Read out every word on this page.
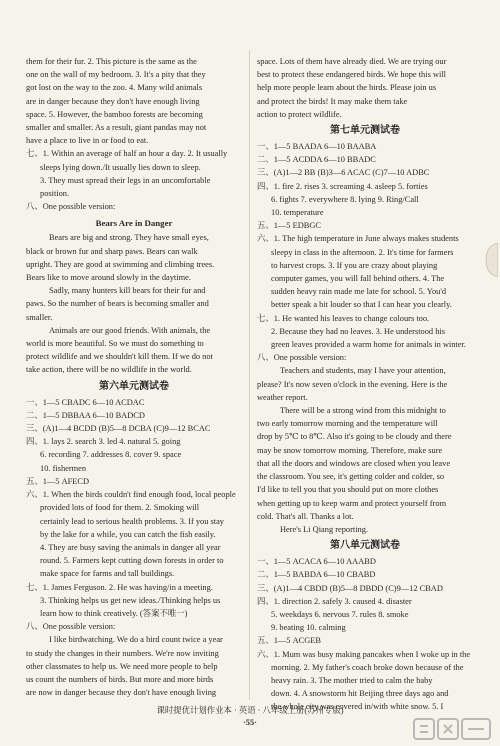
them for their fur. 2. This picture is the same as the
one on the wall of my bedroom. 3. It's a pity that they
got lost on the way to the zoo. 4. Many wild animals
are in danger because they don't have enough living
space. 5. However, the bamboo forests are becoming
smaller and smaller. As a result, giant pandas may not
have a place to live in or food to eat.
七、1. Within an average of half an hour a day. 2. It usually
sleeps lying down./It usually lies down to sleep.
3. They must spread their legs in an uncomfortable
position.
八、One possible version:
Bears Are in Danger
Bears are big and strong. They have small eyes,
black or brown fur and sharp paws. Bears can walk
upright. They are good at swimming and climbing trees.
Bears like to move around slowly in the daytime.
Sadly, many hunters kill bears for their fur and
paws. So the number of bears is becoming smaller and
smaller.
Animals are our good friends. With animals, the
world is more beautiful. So we must do something to
protect wildlife and we shouldn't kill them. If we do not
take action, there will be no wildlife in the world.
第六单元测试卷
一、1—5 CBADC 6—10 ACDAC
二、1—5 DBBAA 6—10 BADCD
三、(A)1—4 BCDD (B)5—8 DCBA (C)9—12 BCAC
四、1. lays 2. search 3. led 4. natural 5. going
6. recording 7. addresses 8. cover 9. space
10. fishermen
五、1—5 AFECD
六、1. When the birds couldn't find enough food, local people
provided lots of food for them. 2. Smoking will
certainly lead to serious health problems. 3. If you stay
by the lake for a while, you can catch the fish easily.
4. They are busy saving the animals in danger all year
round. 5. Farmers kept cutting down forests in order to
make space for farms and tall buildings.
七、1. James Ferguson. 2. He was having/in a meeting.
3. Thinking helps us get new ideas./Thinking helps us
learn how to think creatively. (答案不唯一)
八、One possible version:
I like birdwatching. We do a bird count twice a year
to study the changes in their numbers. We're now inviting
other classmates to help us. We need more people to help
us count the numbers of birds. But more and more birds
are now in danger because they don't have enough living
space. Lots of them have already died. We are trying our
best to protect these endangered birds. We hope this will
help more people learn about the birds. Please join us
and protect the birds! It may make them take
action to protect wildlife.
第七单元测试卷
一、1—5 BAADA 6—10 BAABA
二、1—5 ACDDA 6—10 BBADC
三、(A)1—2 BB (B)3—6 ACAC (C)7—10 ADBC
四、1. fire 2. rises 3. screaming 4. asleep 5. forties
6. fights 7. everywhere 8. lying 9. Ring/Call
10. temperature
五、1—5 EDBGC
六、1. The high temperature in June always makes students
sleepy in class in the afternoon. 2. It's time for farmers
to harvest crops. 3. If you are crazy about playing
computer games, you will fall behind others. 4. The
sudden heavy rain made me late for school. 5. You'd
better speak a bit louder so that I can hear you clearly.
七、1. He wanted his leaves to change colours too.
2. Because they had no leaves. 3. He understood his
green leaves provided a warm home for animals in winter.
八、One possible version:
Teachers and students, may I have your attention,
please? It's now seven o'clock in the evening. Here is the
weather report.
There will be a strong wind from this midnight to
two early tomorrow morning and the temperature will
drop by 5℃ to 8℃. Also it's going to be cloudy and there
may be snow tomorrow morning. Therefore, make sure
that all the doors and windows are closed when you leave
the classroom. You see, it's getting colder and colder, so
I'd like to tell you that you should put on more clothes
when getting up to keep warm and protect yourself from
cold. That's all. Thanks a lot.
Here's Li Qiang reporting.
第八单元测试卷
一、1—5 ACACA 6—10 AAABD
二、1—5 BABDA 6—10 CBABD
三、(A)1—4 CBDD (B)5—8 DBDD (C)9—12 CBAD
四、1. direction 2. safely 3. caused 4. disaster
5. weekdays 6. nervous 7. rules 8. smoke
9. beating 10. calming
五、1—5 ACGEB
六、1. Mum was busy making pancakes when I woke up in the
morning. 2. My father's coach broke down because of the
heavy rain. 3. The mother tried to calm the baby
down. 4. A snowstorm hit Beijing three days ago and
the whole city was covered in/with white snow. 5. I
课时提优计划作业本 · 英语 · 八年级上册(苏州专版)
·55·
